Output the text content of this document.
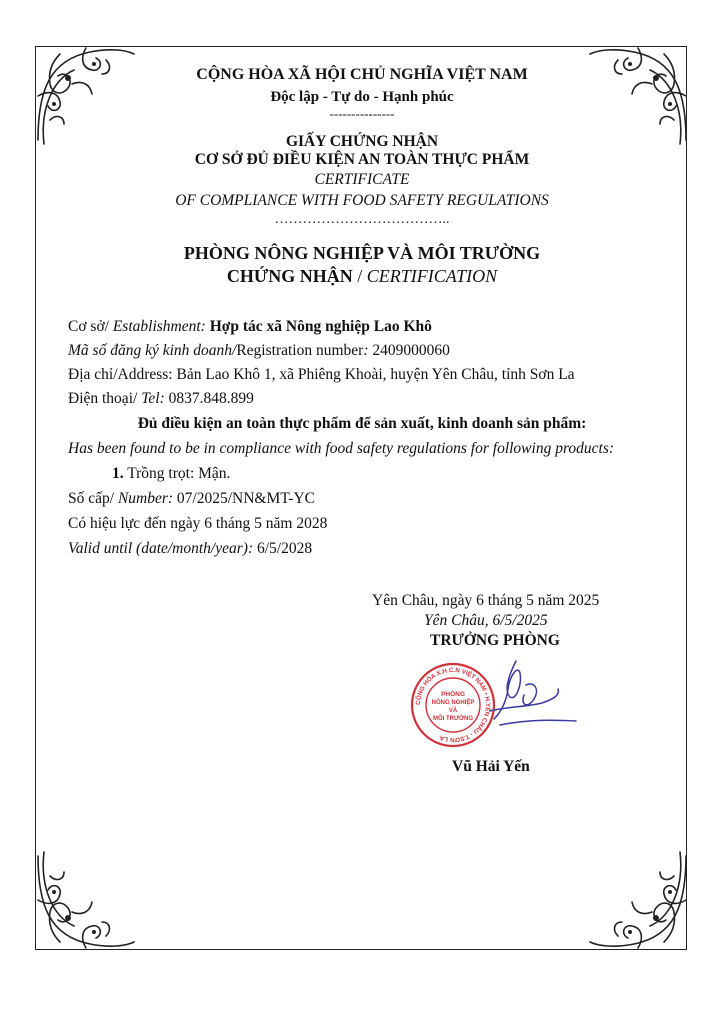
CỘNG HÒA XÃ HỘI CHỦ NGHĨA VIỆT NAM
Độc lập - Tự do - Hạnh phúc
---------------
GIẤY CHỨNG NHẬN
CƠ SỞ ĐỦ ĐIỀU KIỆN AN TOÀN THỰC PHẨM
CERTIFICATE
OF COMPLIANCE WITH FOOD SAFETY REGULATIONS
………………………………..
PHÒNG NÔNG NGHIỆP VÀ MÔI TRƯỜNG
CHỨNG NHẬN / CERTIFICATION
Cơ sở/ Establishment: Hợp tác xã Nông nghiệp Lao Khô
Mã số đăng ký kinh doanh/Registration number: 2409000060
Địa chỉ/Address: Bản Lao Khô 1, xã Phiêng Khoài, huyện Yên Châu, tỉnh Sơn La
Điện thoại/ Tel: 0837.848.899
Đủ điều kiện an toàn thực phẩm để sản xuất, kinh doanh sản phẩm:
Has been found to be in compliance with food safety regulations for following products:
1. Trồng trọt: Mận.
Số cấp/ Number: 07/2025/NN&MT-YC
Có hiệu lực đến ngày 6 tháng 5 năm 2028
Valid until (date/month/year): 6/5/2028
Yên Châu, ngày 6 tháng 5 năm 2025
Yên Châu, 6/5/2025
TRƯỞNG PHÒNG
CỘNG HÒA X.H.C.N VIỆT NAM • H.YÊN CHÂU - T.SƠN LA
PHÒNG
NÔNG NGHIỆP
VÀ
MÔI TRƯỜNG
Vũ Hải Yến
